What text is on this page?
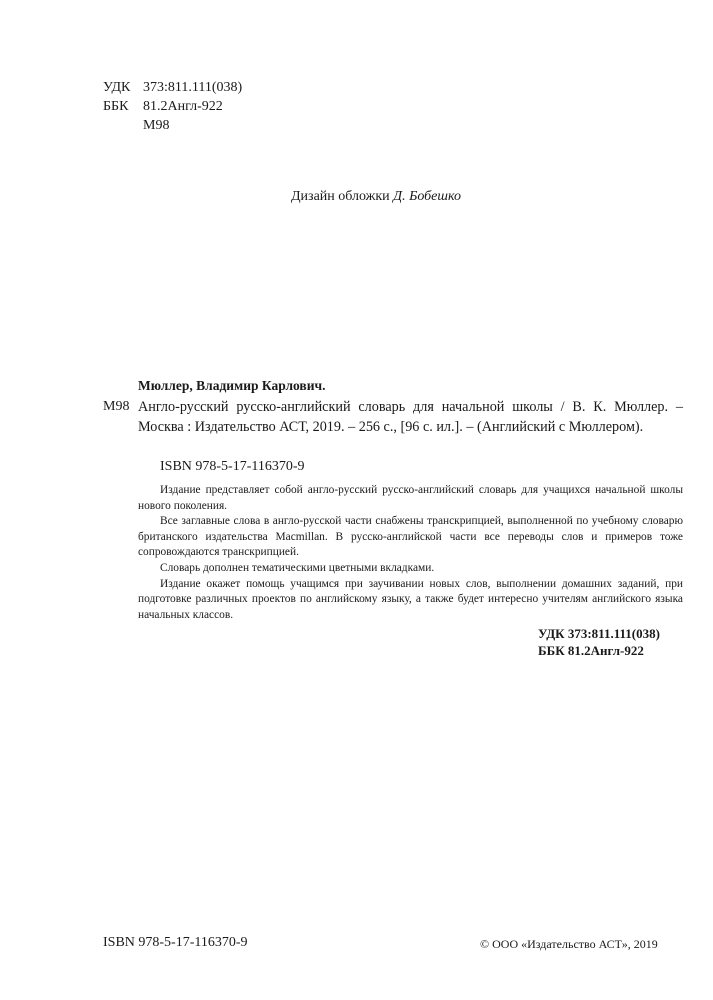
УДК 373:811.111(038)
ББК 81.2Англ-922
М98
Дизайн обложки Д. Бобешко
Мюллер, Владимир Карлович.
М98 Англо-русский русско-английский словарь для начальной школы / В. К. Мюллер. – Москва : Издательство АСТ, 2019. – 256 с., [96 с. ил.]. – (Английский с Мюллером).
ISBN 978-5-17-116370-9

Издание представляет собой англо-русский русско-английский словарь для учащихся начальной школы нового поколения.

Все заглавные слова в англо-русской части снабжены транскрипцией, выполненной по учебному словарю британского издательства Macmillan. В русско-английской части все переводы слов и примеров тоже сопровождаются транскрипцией.

Словарь дополнен тематическими цветными вкладками.

Издание окажет помощь учащимся при заучивании новых слов, выполнении домашних заданий, при подготовке различных проектов по английскому языку, а также будет интересно учителям английского языка начальных классов.

УДК 373:811.111(038)
ББК 81.2Англ-922
ISBN 978-5-17-116370-9	© ООО «Издательство АСТ», 2019
